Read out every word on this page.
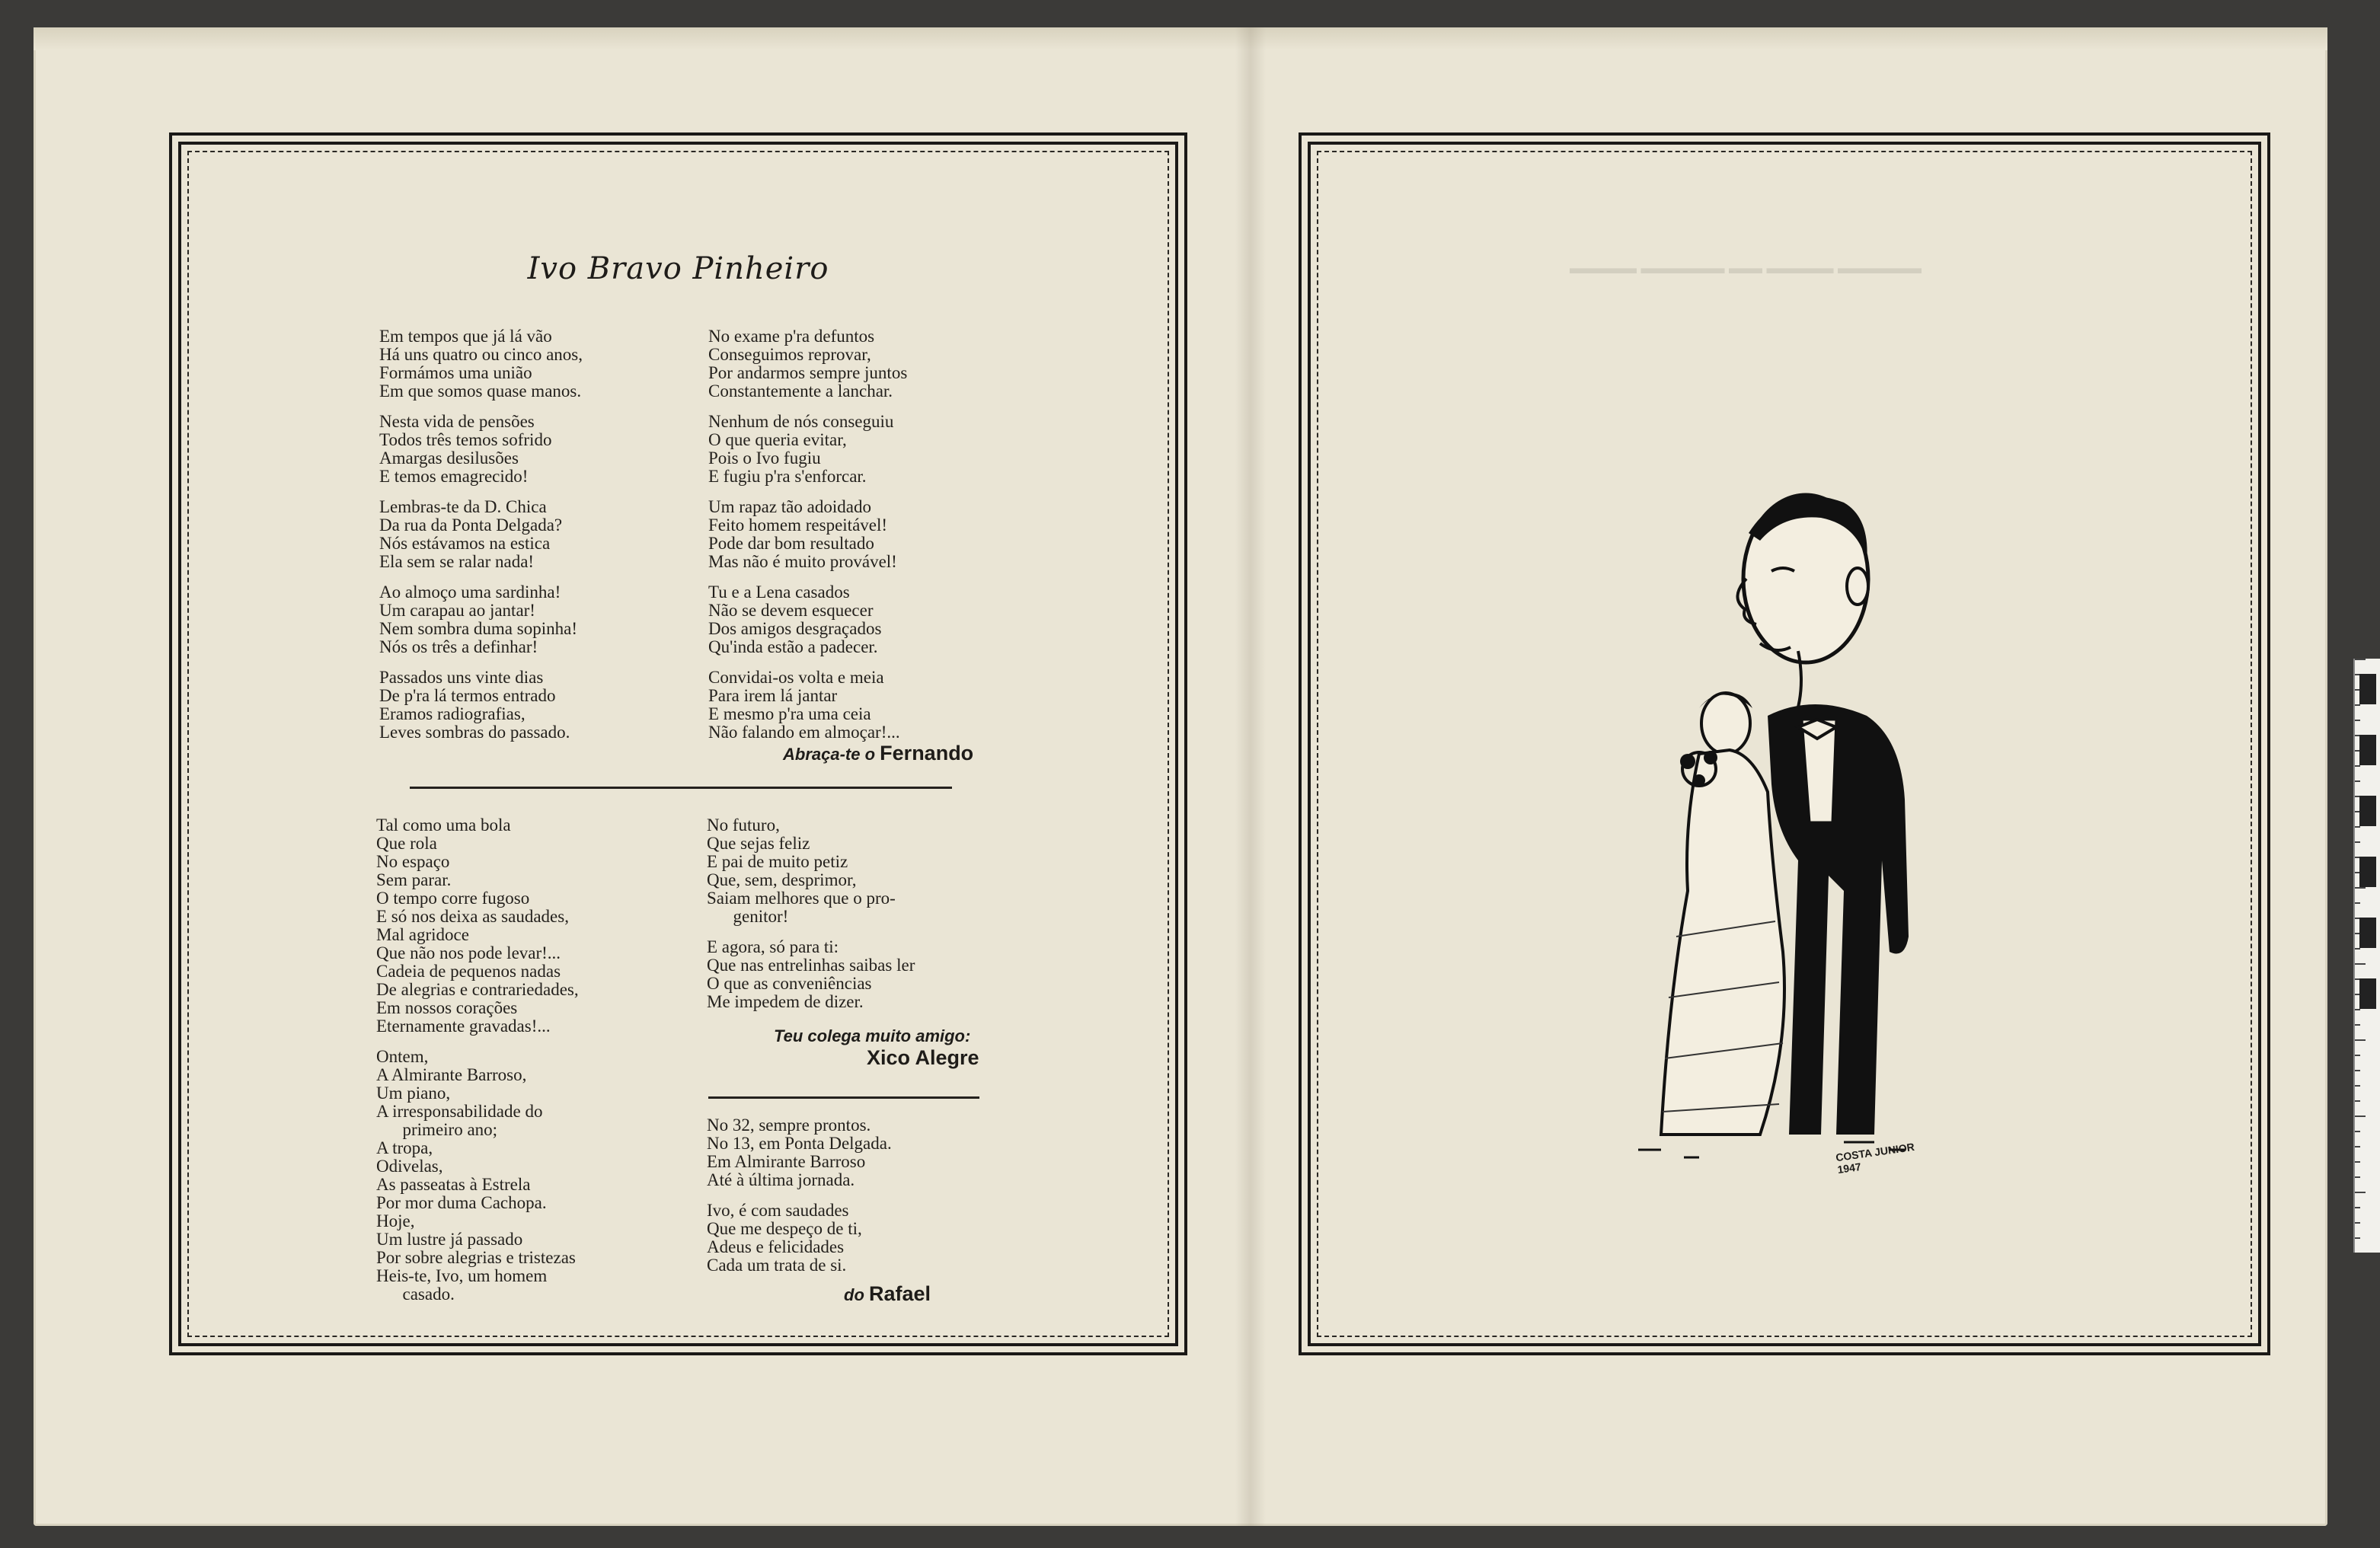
Ivo Bravo Pinheiro
Em tempos que já lá vão
Há uns quatro ou cinco anos,
Formámos uma união
Em que somos quase manos.
Nesta vida de pensões
Todos três temos sofrido
Amargas desilusões
E temos emagrecido!
Lembras-te da D. Chica
Da rua da Ponta Delgada?
Nós estávamos na estica
Ela sem se ralar nada!
Ao almoço uma sardinha!
Um carapau ao jantar!
Nem sombra duma sopinha!
Nós os três a definhar!
Passados uns vinte dias
De p'ra lá termos entrado
Eramos radiografias,
Leves sombras do passado.
No exame p'ra defuntos
Conseguimos reprovar,
Por andarmos sempre juntos
Constantemente a lanchar.
Nenhum de nós conseguiu
O que queria evitar,
Pois o Ivo fugiu
E fugiu p'ra s'enforcar.
Um rapaz tão adoidado
Feito homem respeitável!
Pode dar bom resultado
Mas não é muito provável!
Tu e a Lena casados
Não se devem esquecer
Dos amigos desgraçados
Qu'inda estão a padecer.
Convidai-os volta e meia
Para irem lá jantar
E mesmo p'ra uma ceia
Não falando em almoçar!...
Abraça-te o Fernando
Tal como uma bola
Que rola
No espaço
Sem parar.
O tempo corre fugoso
E só nos deixa as saudades,
Mal agridoce
Que não nos pode levar!...
Cadeia de pequenos nadas
De alegrias e contrariedades,
Em nossos corações
Eternamente gravadas!...
Ontem,
A Almirante Barroso,
Um piano,
A irresponsabilidade do
primeiro ano;
A tropa,
Odivelas,
As passeatas à Estrela
Por mor duma Cachopa.
Hoje,
Um lustre já passado
Por sobre alegrias e tristezas
Heis-te, Ivo, um homem
casado.
No futuro,
Que sejas feliz
E pai de muito petiz
Que, sem, desprimor,
Saiam melhores que o pro-
genitor!
E agora, só para ti:
Que nas entrelinhas saibas ler
O que as conveniências
Me impedem de dizer.
Teu colega muito amigo:
Xico Alegre
No 32, sempre prontos.
No 13, em Ponta Delgada.
Em Almirante Barroso
Até à última jornada.
Ivo, é com saudades
Que me despeço de ti,
Adeus e felicidades
Cada um trata de si.
do Rafael
▬▬▬▬ ▬▬▬▬▬ ▬▬ ▬▬▬▬ ▬▬▬▬▬
COSTA JUNIOR
1947
